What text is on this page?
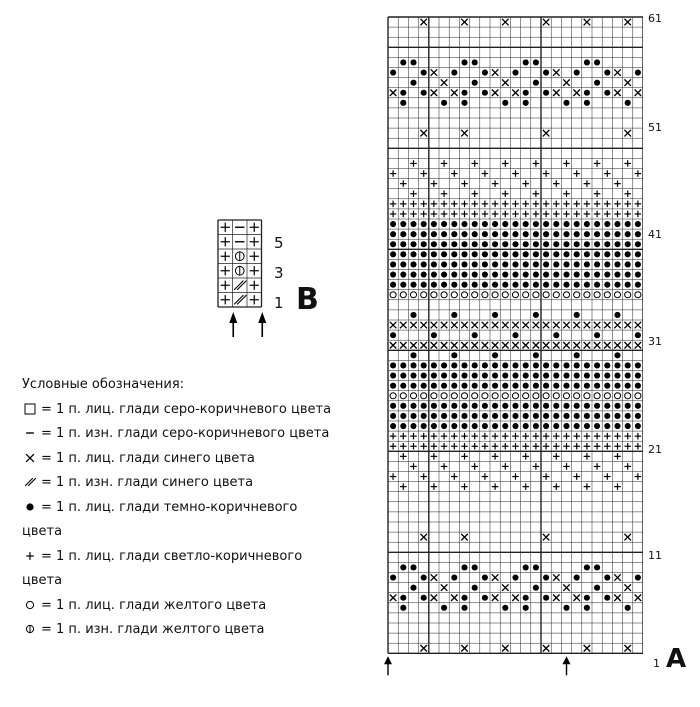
61
51
41
31
21
11
1 A
5
3
1 B
Условные обозначения:
= 1 п. лиц. глади серо-коричневого цвета
= 1 п. изн. глади серо-коричневого цвета
= 1 п. лиц. глади синего цвета
= 1 п. изн. глади синего цвета
= 1 п. лиц. глади темно-коричневого цвета
= 1 п. лиц. глади светло-коричневого цвета
= 1 п. лиц. глади желтого цвета
= 1 п. изн. глади желтого цвета
